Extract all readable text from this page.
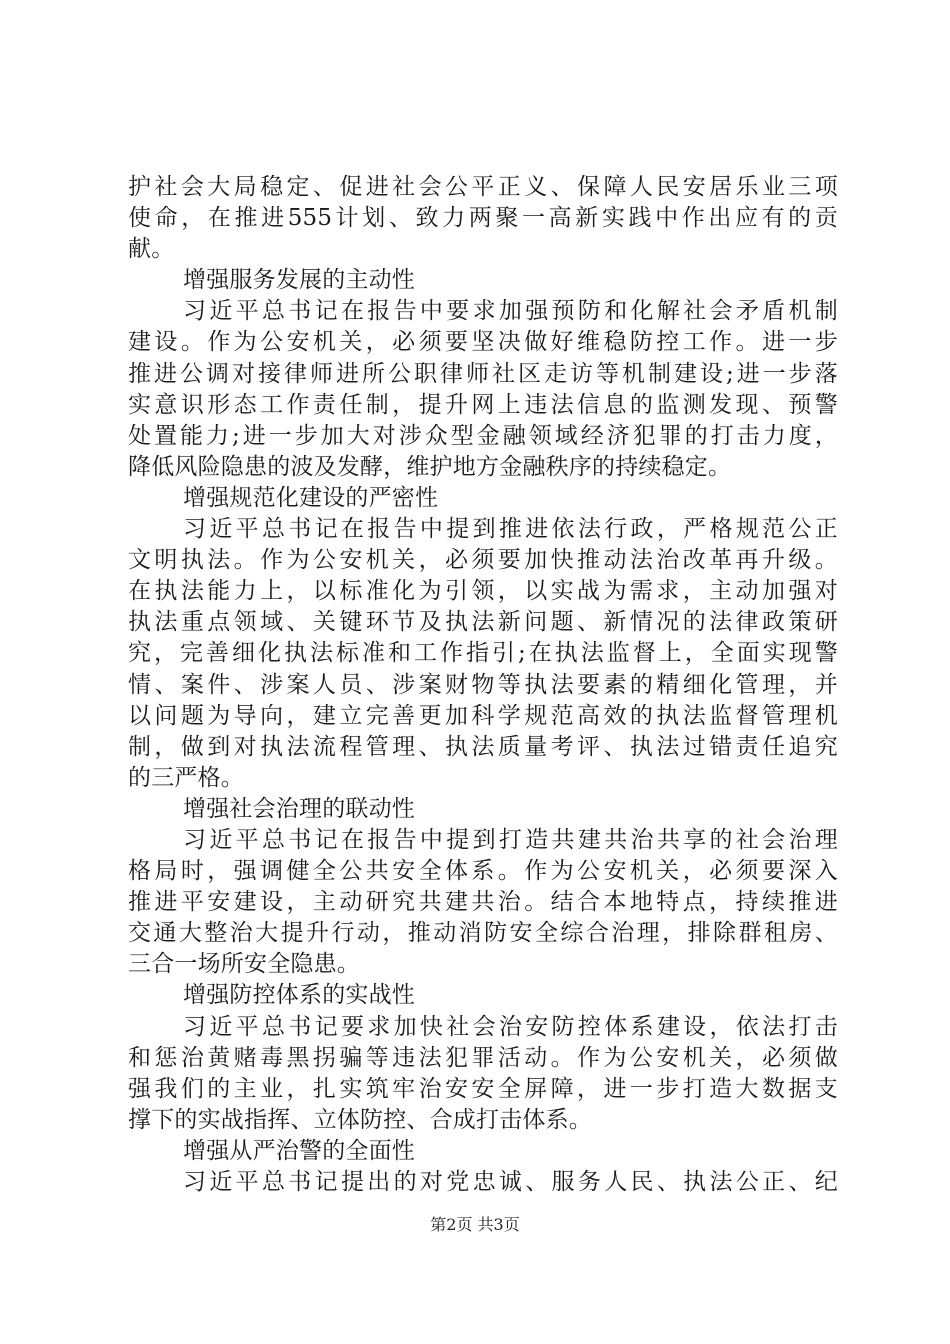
护社会大局稳定、促进社会公平正义、保障人民安居乐业三项
使命，在推进555计划、致力两聚一高新实践中作出应有的贡
献。
增强服务发展的主动性
习近平总书记在报告中要求加强预防和化解社会矛盾机制
建设。作为公安机关，必须要坚决做好维稳防控工作。进一步
推进公调对接律师进所公职律师社区走访等机制建设;进一步落
实意识形态工作责任制，提升网上违法信息的监测发现、预警
处置能力;进一步加大对涉众型金融领域经济犯罪的打击力度，
降低风险隐患的波及发酵，维护地方金融秩序的持续稳定。
增强规范化建设的严密性
习近平总书记在报告中提到推进依法行政，严格规范公正
文明执法。作为公安机关，必须要加快推动法治改革再升级。
在执法能力上，以标准化为引领，以实战为需求，主动加强对
执法重点领域、关键环节及执法新问题、新情况的法律政策研
究，完善细化执法标准和工作指引;在执法监督上，全面实现警
情、案件、涉案人员、涉案财物等执法要素的精细化管理，并
以问题为导向，建立完善更加科学规范高效的执法监督管理机
制，做到对执法流程管理、执法质量考评、执法过错责任追究
的三严格。
增强社会治理的联动性
习近平总书记在报告中提到打造共建共治共享的社会治理
格局时，强调健全公共安全体系。作为公安机关，必须要深入
推进平安建设，主动研究共建共治。结合本地特点，持续推进
交通大整治大提升行动，推动消防安全综合治理，排除群租房、
三合一场所安全隐患。
增强防控体系的实战性
习近平总书记要求加快社会治安防控体系建设，依法打击
和惩治黄赌毒黑拐骗等违法犯罪活动。作为公安机关，必须做
强我们的主业，扎实筑牢治安安全屏障，进一步打造大数据支
撑下的实战指挥、立体防控、合成打击体系。
增强从严治警的全面性
习近平总书记提出的对党忠诚、服务人民、执法公正、纪
第2页 共3页
